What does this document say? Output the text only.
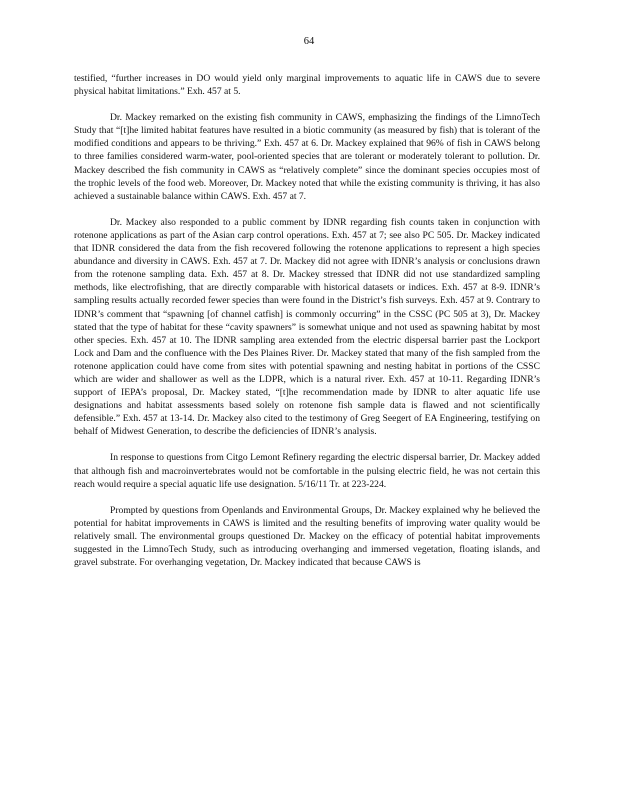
64

testified, “further increases in DO would yield only marginal improvements to aquatic life in CAWS due to severe physical habitat limitations.” Exh. 457 at 5.

Dr. Mackey remarked on the existing fish community in CAWS, emphasizing the findings of the LimnoTech Study that “[t]he limited habitat features have resulted in a biotic community (as measured by fish) that is tolerant of the modified conditions and appears to be thriving.” Exh. 457 at 6. Dr. Mackey explained that 96% of fish in CAWS belong to three families considered warm-water, pool-oriented species that are tolerant or moderately tolerant to pollution. Dr. Mackey described the fish community in CAWS as “relatively complete” since the dominant species occupies most of the trophic levels of the food web. Moreover, Dr. Mackey noted that while the existing community is thriving, it has also achieved a sustainable balance within CAWS. Exh. 457 at 7.

Dr. Mackey also responded to a public comment by IDNR regarding fish counts taken in conjunction with rotenone applications as part of the Asian carp control operations. Exh. 457 at 7; see also PC 505. Dr. Mackey indicated that IDNR considered the data from the fish recovered following the rotenone applications to represent a high species abundance and diversity in CAWS. Exh. 457 at 7. Dr. Mackey did not agree with IDNR’s analysis or conclusions drawn from the rotenone sampling data. Exh. 457 at 8. Dr. Mackey stressed that IDNR did not use standardized sampling methods, like electrofishing, that are directly comparable with historical datasets or indices. Exh. 457 at 8-9. IDNR’s sampling results actually recorded fewer species than were found in the District’s fish surveys. Exh. 457 at 9. Contrary to IDNR’s comment that “spawning [of channel catfish] is commonly occurring” in the CSSC (PC 505 at 3), Dr. Mackey stated that the type of habitat for these “cavity spawners” is somewhat unique and not used as spawning habitat by most other species. Exh. 457 at 10. The IDNR sampling area extended from the electric dispersal barrier past the Lockport Lock and Dam and the confluence with the Des Plaines River. Dr. Mackey stated that many of the fish sampled from the rotenone application could have come from sites with potential spawning and nesting habitat in portions of the CSSC which are wider and shallower as well as the LDPR, which is a natural river. Exh. 457 at 10-11. Regarding IDNR’s support of IEPA’s proposal, Dr. Mackey stated, “[t]he recommendation made by IDNR to alter aquatic life use designations and habitat assessments based solely on rotenone fish sample data is flawed and not scientifically defensible.” Exh. 457 at 13-14. Dr. Mackey also cited to the testimony of Greg Seegert of EA Engineering, testifying on behalf of Midwest Generation, to describe the deficiencies of IDNR’s analysis.

In response to questions from Citgo Lemont Refinery regarding the electric dispersal barrier, Dr. Mackey added that although fish and macroinvertebrates would not be comfortable in the pulsing electric field, he was not certain this reach would require a special aquatic life use designation. 5/16/11 Tr. at 223-224.

Prompted by questions from Openlands and Environmental Groups, Dr. Mackey explained why he believed the potential for habitat improvements in CAWS is limited and the resulting benefits of improving water quality would be relatively small. The environmental groups questioned Dr. Mackey on the efficacy of potential habitat improvements suggested in the LimnoTech Study, such as introducing overhanging and immersed vegetation, floating islands, and gravel substrate. For overhanging vegetation, Dr. Mackey indicated that because CAWS is
